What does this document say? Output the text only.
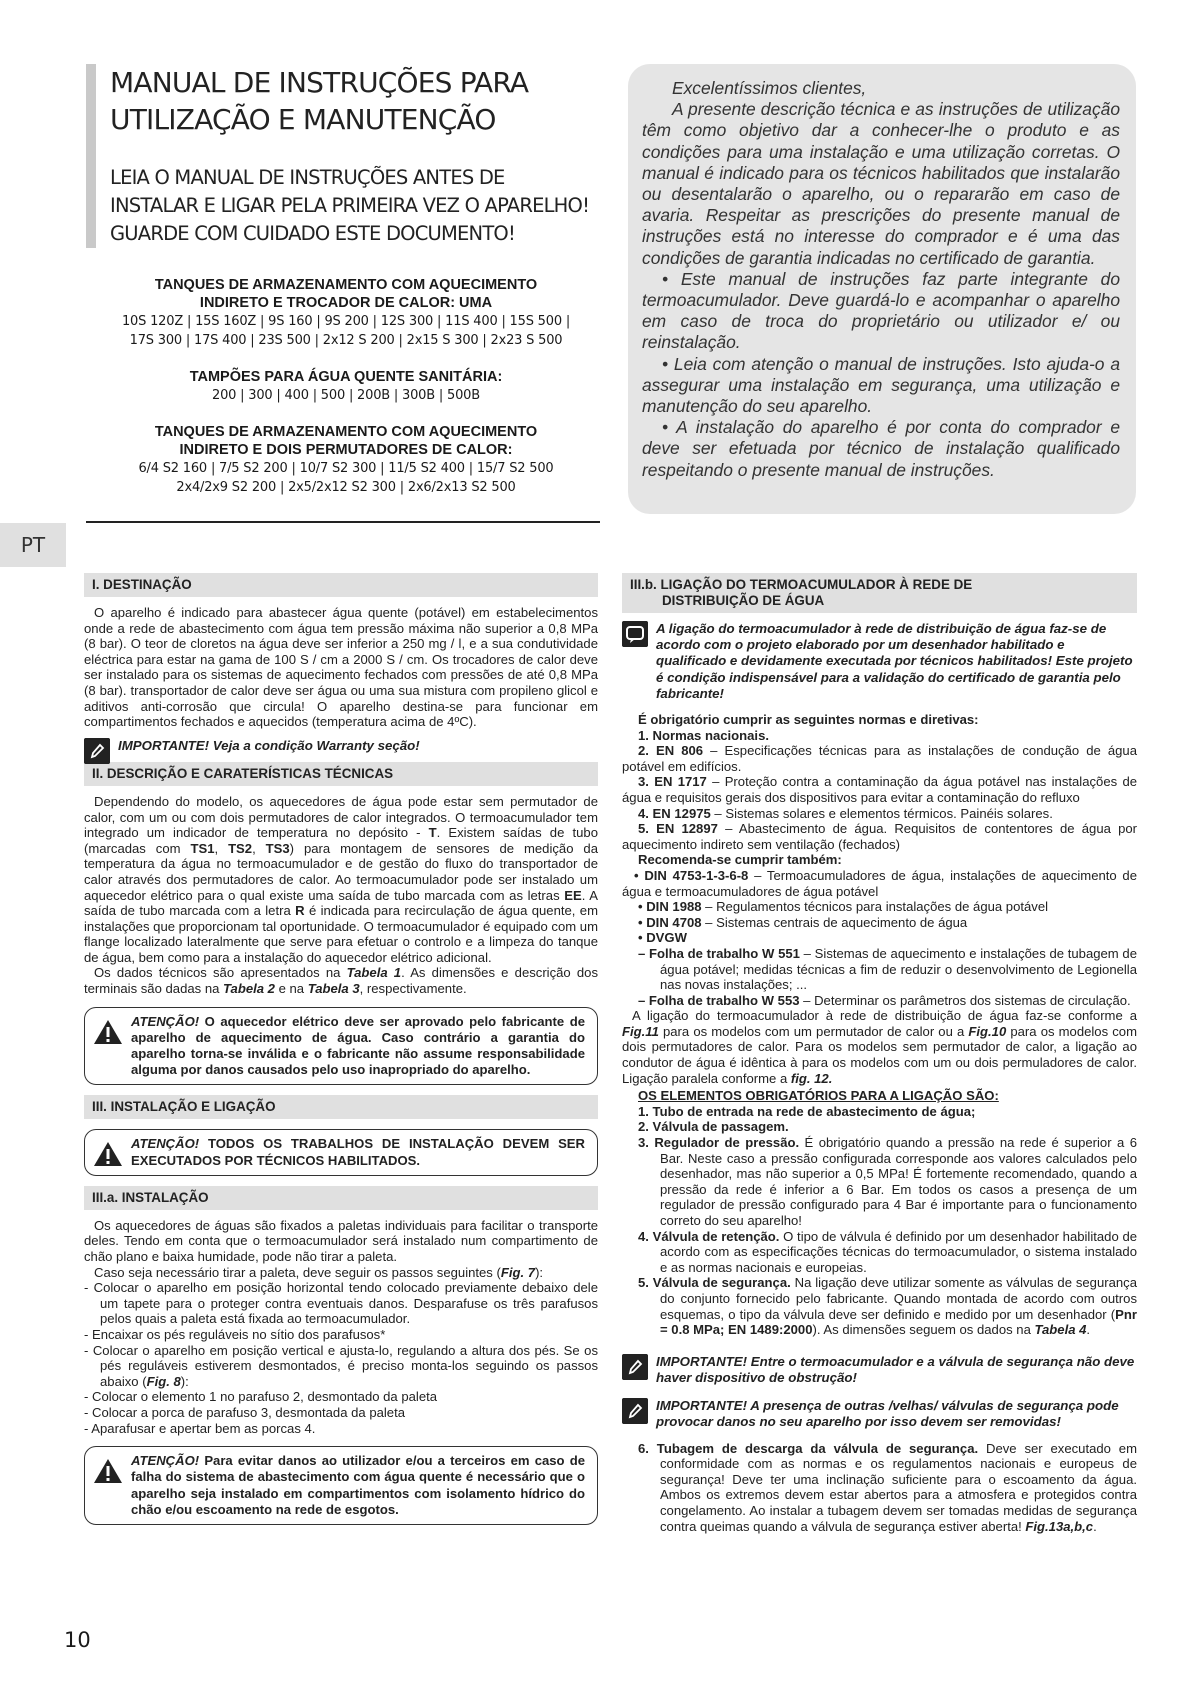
MANUAL DE INSTRUÇÕES PARA
UTILIZAÇÃO E MANUTENÇÃO
LEIA O MANUAL DE INSTRUÇÕES ANTES DE
INSTALAR E LIGAR PELA PRIMEIRA VEZ O APARELHO!
GUARDE COM CUIDADO ESTE DOCUMENTO!
TANQUES DE ARMAZENAMENTO COM AQUECIMENTO
INDIRETO E TROCADOR DE CALOR: UMA
10S 120Z | 15S 160Z | 9S 160 | 9S 200 | 12S 300 | 11S 400 | 15S 500 |
17S 300 | 17S 400 | 23S 500 | 2x12 S 200 | 2x15 S 300 | 2x23 S 500
TAMPÕES PARA ÁGUA QUENTE SANITÁRIA:
200 | 300 | 400 | 500 | 200B | 300B | 500B
TANQUES DE ARMAZENAMENTO COM AQUECIMENTO
INDIRETO E DOIS PERMUTADORES DE CALOR:
6/4 S2 160 | 7/5 S2 200 | 10/7 S2 300 | 11/5 S2 400 | 15/7 S2 500
2x4/2x9 S2 200 | 2x5/2x12 S2 300 | 2x6/2x13 S2 500

Excelentíssimos clientes,

A presente descrição técnica e as instruções de utilização têm como objetivo dar a conhecer-lhe o produto e as condições para uma instalação e uma utilização corretas. O manual é indicado para os técnicos habilitados que instalarão ou desentalarão o aparelho, ou o repararão em caso de avaria. Respeitar as prescrições do presente manual de instruções está no interesse do comprador e é uma das condições de garantia indicadas no certificado de garantia.

• Este manual de instruções faz parte integrante do termoacumulador. Deve guardá-lo e acompanhar o aparelho em caso de troca do proprietário ou utilizador e/ ou reinstalação.

• Leia com atenção o manual de instruções. Isto ajuda-o a assegurar uma instalação em segurança, uma utilização e manutenção do seu aparelho.

• A instalação do aparelho é por conta do comprador e deve ser efetuada por técnico de instalação qualificado respeitando o presente manual de instruções.

PT
I. DESTINAÇÃO

O aparelho é indicado para abastecer água quente (potável) em estabelecimentos onde a rede de abastecimento com água tem pressão máxima não superior a 0,8 MPa (8 bar). O teor de cloretos na água deve ser inferior a 250 mg / l, e a sua condutividade eléctrica para estar na gama de 100 S / cm a 2000 S / cm. Os trocadores de calor deve ser instalado para os sistemas de aquecimento fechados com pressões de até 0,8 MPa (8 bar). transportador de calor deve ser água ou uma sua mistura com propileno glicol e aditivos anti-corrosão que circula! O aparelho destina-se para funcionar em compartimentos fechados e aquecidos (temperatura acima de 4ºC).

IMPORTANTE! Veja a condição Warranty seção!
II. DESCRIÇÃO E CARATERÍSTICAS TÉCNICAS

Dependendo do modelo, os aquecedores de água pode estar sem permutador de calor, com um ou com dois permutadores de calor integrados. O termoacumulador tem integrado um indicador de temperatura no depósito - T. Existem saídas de tubo (marcadas com TS1, TS2, TS3) para montagem de sensores de medição da temperatura da água no termoacumulador e de gestão do fluxo do transportador de calor através dos permutadores de calor. Ao termoacumulador pode ser instalado um aquecedor elétrico para o qual existe uma saída de tubo marcada com as letras EE. A saída de tubo marcada com a letra R é indicada para recirculação de água quente, em instalações que proporcionam tal oportunidade. O termoacumulador é equipado com um flange localizado lateralmente que serve para efetuar o controlo e a limpeza do tanque de água, bem como para a instalação do aquecedor elétrico adicional.

Os dados técnicos são apresentados na Tabela 1. As dimensões e descrição dos terminais são dadas na Tabela 2 e na Tabela 3, respectivamente.

ATENÇÃO! O aquecedor elétrico deve ser aprovado pelo fabricante de aparelho de aquecimento de água. Caso contrário a garantia do aparelho torna-se inválida e o fabricante não assume responsabilidade alguma por danos causados pelo uso inapropriado do aparelho.
III. INSTALAÇÃO E LIGAÇÃO
ATENÇÃO! TODOS OS TRABALHOS DE INSTALAÇÃO DEVEM SER EXECUTADOS POR TÉCNICOS HABILITADOS.
III.a. INSTALAÇÃO

Os aquecedores de águas são fixados a paletas individuais para facilitar o transporte deles. Tendo em conta que o termoacumulador será instalado num compartimento de chão plano e baixa humidade, pode não tirar a paleta.

Caso seja necessário tirar a paleta, deve seguir os passos seguintes (Fig. 7):

- Colocar o aparelho em posição horizontal tendo colocado previamente debaixo dele um tapete para o proteger contra eventuais danos. Desparafuse os três parafusos pelos quais a paleta está fixada ao termoacumulador.

- Encaixar os pés reguláveis no sítio dos parafusos*

- Colocar o aparelho em posição vertical e ajusta-lo, regulando a altura dos pés. Se os pés reguláveis estiverem desmontados, é preciso monta-los seguindo os passos abaixo (Fig. 8):

- Colocar o elemento 1 no parafuso 2, desmontado da paleta

- Colocar a porca de parafuso 3, desmontada da paleta

- Aparafusar e apertar bem as porcas 4.

ATENÇÃO! Para evitar danos ao utilizador e/ou a terceiros em caso de falha do sistema de abastecimento com água quente é necessário que o aparelho seja instalado em compartimentos com isolamento hídrico do chão e/ou escoamento na rede de esgotos.
III.b. LIGAÇÃO DO TERMOACUMULADOR À REDE DE
DISTRIBUIÇÃO DE ÁGUA
A ligação do termoacumulador à rede de distribuição de água faz-se de acordo com o projeto elaborado por um desenhador habilitado e qualificado e devidamente executada por técnicos habilitados! Este projeto é condição indispensável para a validação do certificado de garantia pelo fabricante!

É obrigatório cumprir as seguintes normas e diretivas:

1. Normas nacionais.

2. EN 806 – Especificações técnicas para as instalações de condução de água potável em edifícios.

3. EN 1717 – Proteção contra a contaminação da água potável nas instalações de água e requisitos gerais dos dispositivos para evitar a contaminação do refluxo

4. EN 12975 – Sistemas solares e elementos térmicos. Painéis solares.

5. EN 12897 – Abastecimento de água. Requisitos de contentores de água por aquecimento indireto sem ventilação (fechados)

Recomenda-se cumprir também:

• DIN 4753-1-3-6-8 – Termoacumuladores de água, instalações de aquecimento de água e termoacumuladores de água potável

• DIN 1988 – Regulamentos técnicos para instalações de água potável

• DIN 4708 – Sistemas centrais de aquecimento de água

• DVGW

– Folha de trabalho W 551 – Sistemas de aquecimento e instalações de tubagem de água potável; medidas técnicas a fim de reduzir o desenvolvimento de Legionella nas novas instalações; ...

– Folha de trabalho W 553 – Determinar os parâmetros dos sistemas de circulação.

A ligação do termoacumulador à rede de distribuição de água faz-se conforme a Fig.11 para os modelos com um permutador de calor ou a Fig.10 para os modelos com dois permutadores de calor. Para os modelos sem permutador de calor, a ligação ao condutor de água é idêntica à para os modelos com um ou dois permuladores de calor. Ligação paralela conforme a fig. 12.

OS ELEMENTOS OBRIGATÓRIOS PARA A LIGAÇÃO SÃO:

1. Tubo de entrada na rede de abastecimento de água;

2. Válvula de passagem.

3. Regulador de pressão. É obrigatório quando a pressão na rede é superior a 6 Bar. Neste caso a pressão configurada corresponde aos valores calculados pelo desenhador, mas não superior a 0,5 MPa! É fortemente recomendado, quando a pressão da rede é inferior a 6 Bar. Em todos os casos a presença de um regulador de pressão configurado para 4 Bar é importante para o funcionamento correto do seu aparelho!

4. Válvula de retenção. O tipo de válvula é definido por um desenhador habilitado de acordo com as especificações técnicas do termoacumulador, o sistema instalado e as normas nacionais e europeias.

5. Válvula de segurança. Na ligação deve utilizar somente as válvulas de segurança do conjunto fornecido pelo fabricante. Quando montada de acordo com outros esquemas, o tipo da válvula deve ser definido e medido por um desenhador (Pnr = 0.8 MPa; EN 1489:2000). As dimensões seguem os dados na Tabela 4.

IMPORTANTE! Entre o termoacumulador e a válvula de segurança não deve haver dispositivo de obstrução!
IMPORTANTE! A presença de outras /velhas/ válvulas de segurança pode provocar danos no seu aparelho por isso devem ser removidas!

6. Tubagem de descarga da válvula de segurança. Deve ser executado em conformidade com as normas e os regulamentos nacionais e europeus de segurança! Deve ter uma inclinação suficiente para o escoamento da água. Ambos os extremos devem estar abertos para a atmosfera e protegidos contra congelamento. Ao instalar a tubagem devem ser tomadas medidas de segurança contra queimas quando a válvula de segurança estiver aberta! Fig.13a,b,c.

10
